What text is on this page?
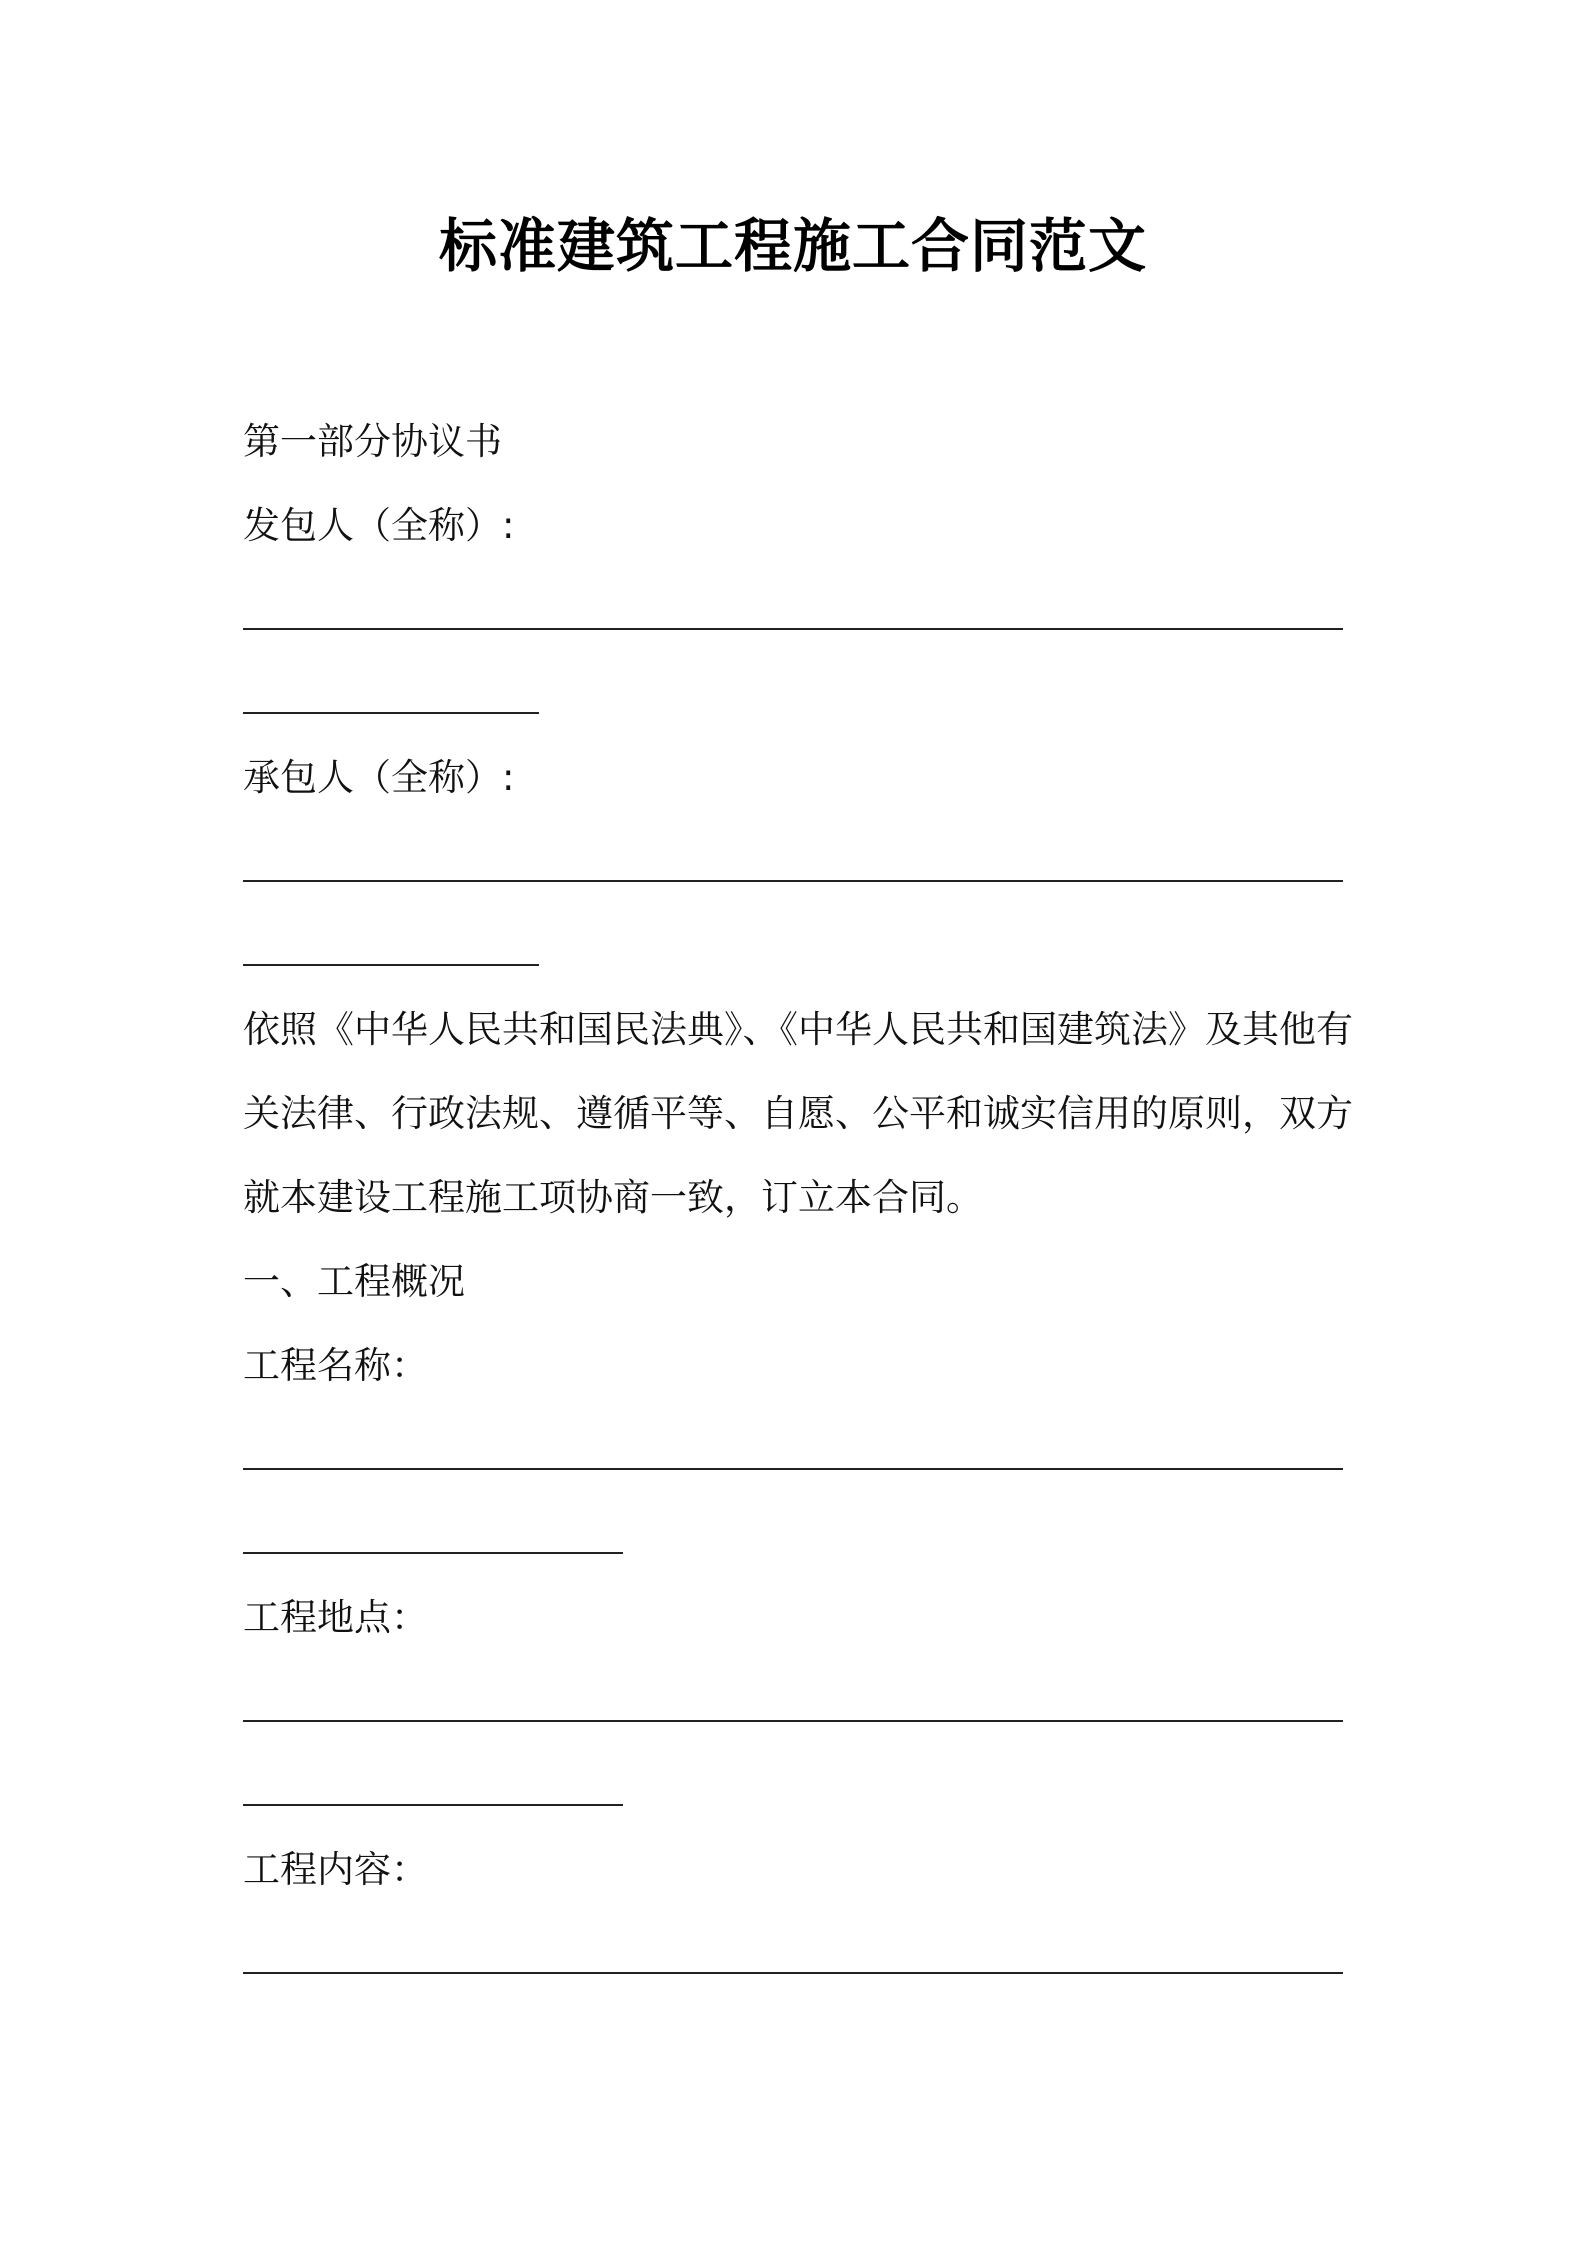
标准建筑工程施工合同范文
第一部分协议书
发包人（全称）:
承包人（全称）:
依照《中华人民共和国民法典》、《中华人民共和国建筑法》及其他有关法律、行政法规、遵循平等、自愿、公平和诚实信用的原则，双方就本建设工程施工项协商一致，订立本合同。
一、工程概况
工程名称：
工程地点：
工程内容：
